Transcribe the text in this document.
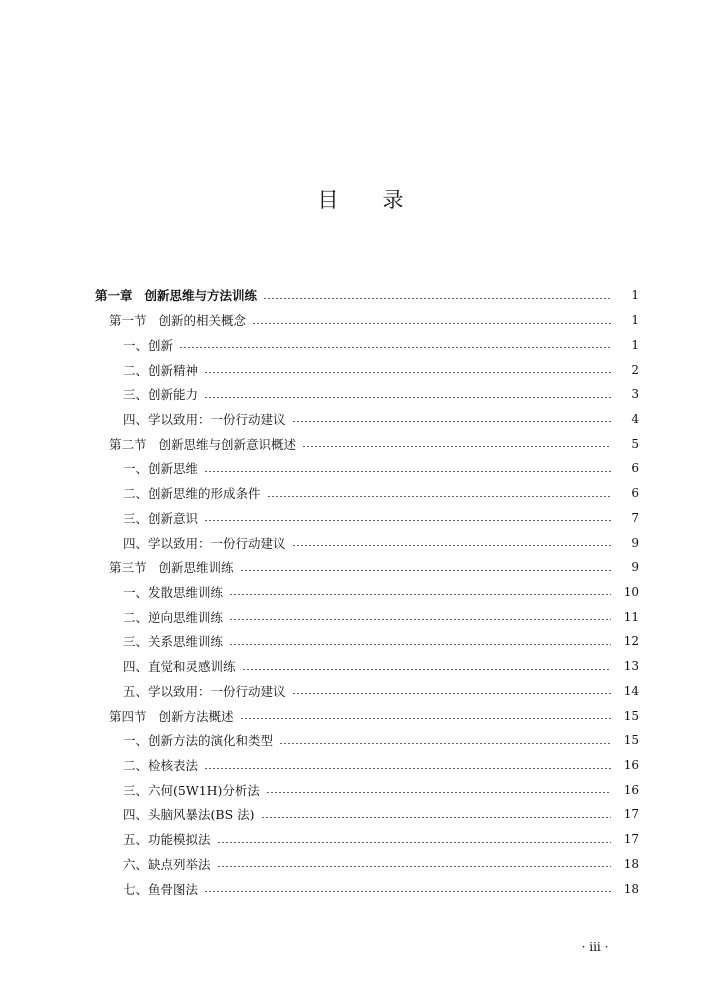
目录
第一章 创新思维与方法训练	1
第一节 创新的相关概念	1
一、创新	1
二、创新精神	2
三、创新能力	3
四、学以致用：一份行动建议	4
第二节 创新思维与创新意识概述	5
一、创新思维	6
二、创新思维的形成条件	6
三、创新意识	7
四、学以致用：一份行动建议	9
第三节 创新思维训练	9
一、发散思维训练	10
二、逆向思维训练	11
三、关系思维训练	12
四、直觉和灵感训练	13
五、学以致用：一份行动建议	14
第四节 创新方法概述	15
一、创新方法的演化和类型	15
二、检核表法	16
三、六何(5W1H)分析法	16
四、头脑风暴法(BS 法)	17
五、功能模拟法	17
六、缺点列举法	18
七、鱼骨图法	18
· iii ·
